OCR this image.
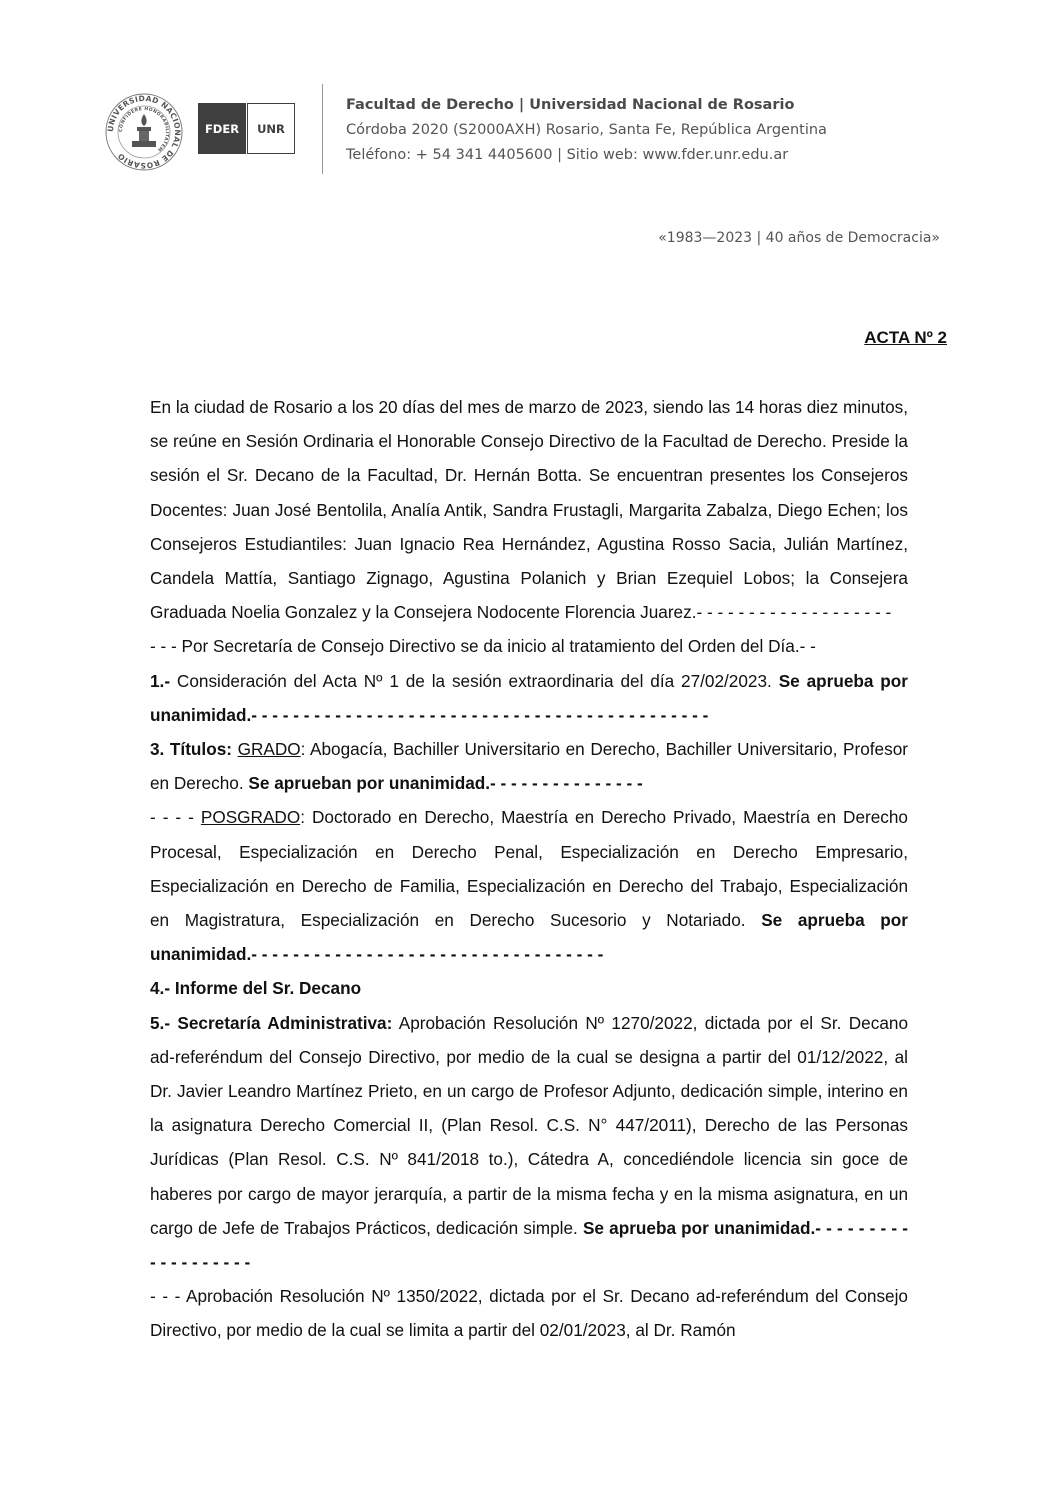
UNIVERSIDAD NACIONAL DE ROSARIO
CONFIDERE HONORABILITATEM
FDER UNR
Facultad de Derecho | Universidad Nacional de Rosario
Córdoba 2020 (S2000AXH) Rosario, Santa Fe, República Argentina
Teléfono: + 54 341 4405600 | Sitio web: www.fder.unr.edu.ar
«1983—2023 | 40 años de Democracia»
ACTA Nº 2

En la ciudad de Rosario a los 20 días del mes de marzo de 2023, siendo las 14 horas diez minutos, se reúne en Sesión Ordinaria el Honorable Consejo Directivo de la Facultad de Derecho. Preside la sesión el Sr. Decano de la Facultad, Dr. Hernán Botta. Se encuentran presentes los Consejeros Docentes: Juan José Bentolila, Analía Antik, Sandra Frustagli, Margarita Zabalza, Diego Echen; los Consejeros Estudiantiles: Juan Ignacio Rea Hernández, Agustina Rosso Sacia, Julián Martínez, Candela Mattía, Santiago Zignago, Agustina Polanich y Brian Ezequiel Lobos; la Consejera Graduada Noelia Gonzalez y la Consejera Nodocente Florencia Juarez.- - - - - - - - - - - - - - - - - - -

- - - Por Secretaría de Consejo Directivo se da inicio al tratamiento del Orden del Día.- -

1.- Consideración del Acta Nº 1 de la sesión extraordinaria del día 27/02/2023. Se aprueba por unanimidad.- - - - - - - - - - - - - - - - - - - - - - - - - - - - - - - - - - - - - - - - - - - -

3. Títulos: GRADO: Abogacía, Bachiller Universitario en Derecho, Bachiller Universitario, Profesor en Derecho. Se aprueban por unanimidad.- - - - - - - - - - - - - - -

- - - - POSGRADO: Doctorado en Derecho, Maestría en Derecho Privado, Maestría en Derecho Procesal, Especialización en Derecho Penal, Especialización en Derecho Empresario, Especialización en Derecho de Familia, Especialización en Derecho del Trabajo, Especialización en Magistratura, Especialización en Derecho Sucesorio y Notariado. Se aprueba por unanimidad.- - - - - - - - - - - - - - - - - - - - - - - - - - - - - - - - - -

4.- Informe del Sr. Decano

5.- Secretaría Administrativa: Aprobación Resolución Nº 1270/2022, dictada por el Sr. Decano ad-referéndum del Consejo Directivo, por medio de la cual se designa a partir del 01/12/2022, al Dr. Javier Leandro Martínez Prieto, en un cargo de Profesor Adjunto, dedicación simple, interino en la asignatura Derecho Comercial II, (Plan Resol. C.S. N° 447/2011), Derecho de las Personas Jurídicas (Plan Resol. C.S. Nº 841/2018 to.), Cátedra A, concediéndole licencia sin goce de haberes por cargo de mayor jerarquía, a partir de la misma fecha y en la misma asignatura, en un cargo de Jefe de Trabajos Prácticos, dedicación simple. Se aprueba por unanimidad.- - - - - - - - - - - - - - - - - - -

- - - Aprobación Resolución Nº 1350/2022, dictada por el Sr. Decano ad-referéndum del Consejo Directivo, por medio de la cual se limita a partir del 02/01/2023, al Dr. Ramón
